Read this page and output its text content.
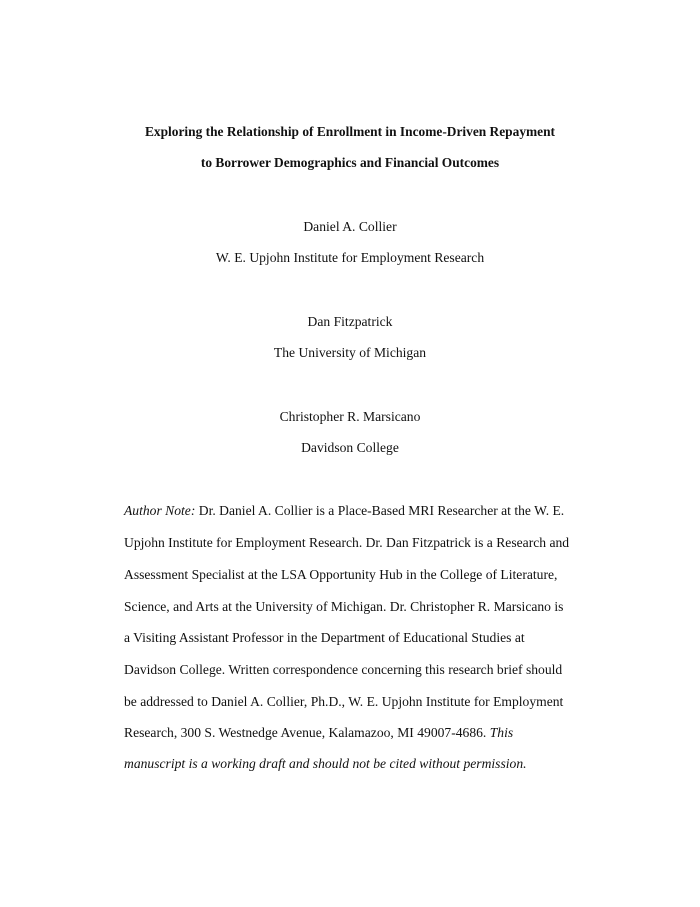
Exploring the Relationship of Enrollment in Income-Driven Repayment
to Borrower Demographics and Financial Outcomes
Daniel A. Collier
W. E. Upjohn Institute for Employment Research
Dan Fitzpatrick
The University of Michigan
Christopher R. Marsicano
Davidson College
Author Note: Dr. Daniel A. Collier is a Place-Based MRI Researcher at the W. E.
Upjohn Institute for Employment Research. Dr. Dan Fitzpatrick is a Research and
Assessment Specialist at the LSA Opportunity Hub in the College of Literature,
Science, and Arts at the University of Michigan. Dr. Christopher R. Marsicano is
a Visiting Assistant Professor in the Department of Educational Studies at
Davidson College. Written correspondence concerning this research brief should
be addressed to Daniel A. Collier, Ph.D., W. E. Upjohn Institute for Employment
Research, 300 S. Westnedge Avenue, Kalamazoo, MI 49007-4686. This
manuscript is a working draft and should not be cited without permission.
